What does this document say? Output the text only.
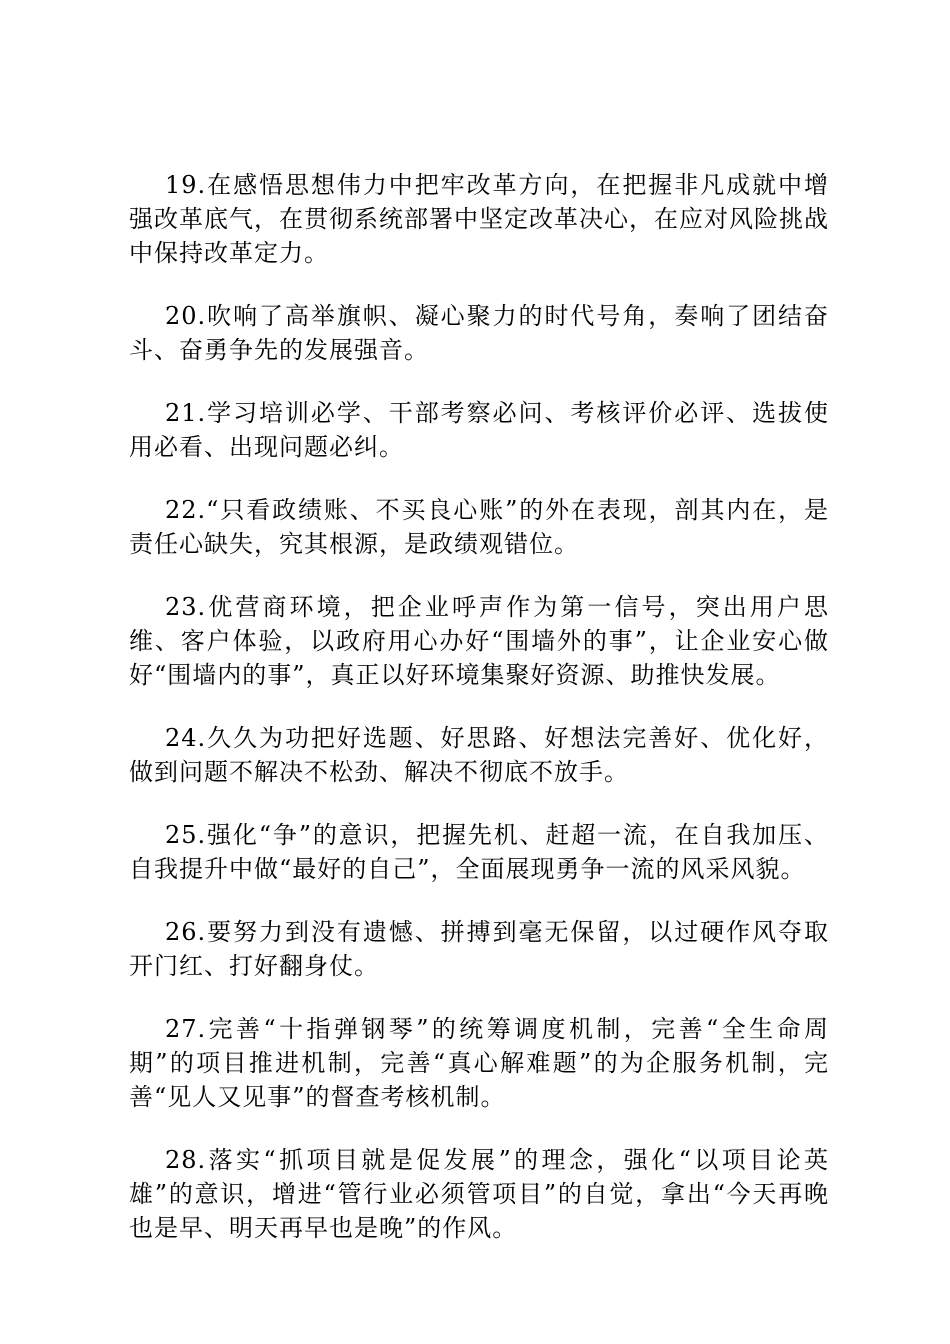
19.在感悟思想伟力中把牢改革方向，在把握非凡成就中增强改革底气，在贯彻系统部署中坚定改革决心，在应对风险挑战中保持改革定力。

20.吹响了高举旗帜、凝心聚力的时代号角，奏响了团结奋斗、奋勇争先的发展强音。

21.学习培训必学、干部考察必问、考核评价必评、选拔使用必看、出现问题必纠。

22.“只看政绩账、不买良心账”的外在表现，剖其内在，是责任心缺失，究其根源，是政绩观错位。

23.优营商环境，把企业呼声作为第一信号，突出用户思维、客户体验，以政府用心办好“围墙外的事”，让企业安心做好“围墙内的事”，真正以好环境集聚好资源、助推快发展。

24.久久为功把好选题、好思路、好想法完善好、优化好，做到问题不解决不松劲、解决不彻底不放手。

25.强化“争”的意识，把握先机、赶超一流，在自我加压、自我提升中做“最好的自己”，全面展现勇争一流的风采风貌。

26.要努力到没有遗憾、拼搏到毫无保留，以过硬作风夺取开门红、打好翻身仗。

27.完善“十指弹钢琴”的统筹调度机制，完善“全生命周期”的项目推进机制，完善“真心解难题”的为企服务机制，完善“见人又见事”的督查考核机制。

28.落实“抓项目就是促发展”的理念，强化“以项目论英雄”的意识，增进“管行业必须管项目”的自觉，拿出“今天再晚也是早、明天再早也是晚”的作风。
